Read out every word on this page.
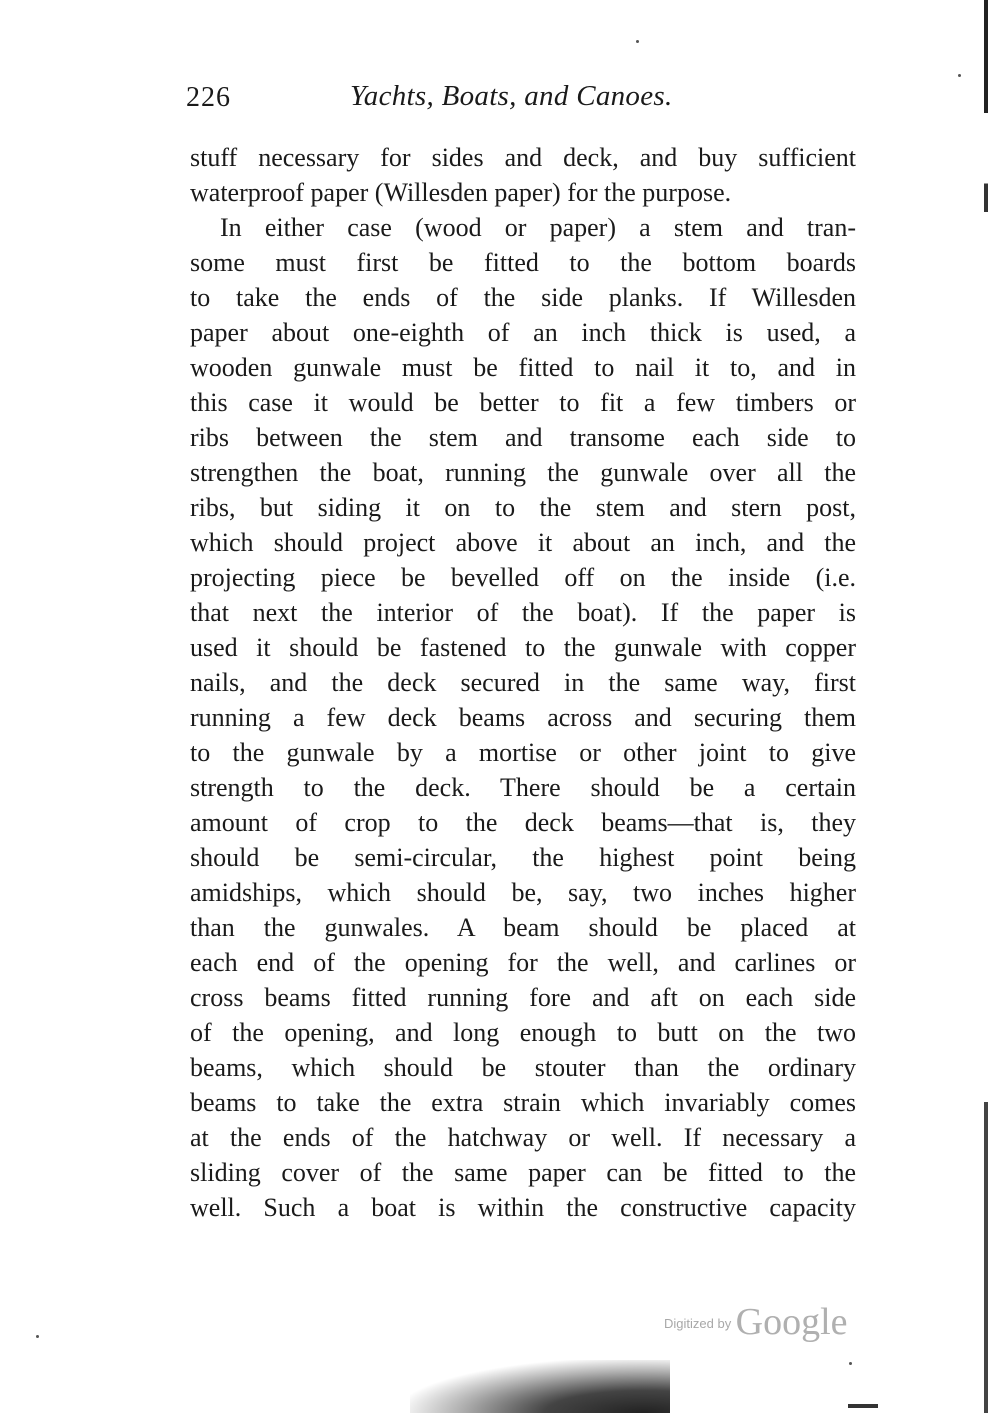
226	Yachts, Boats, and Canoes.
stuff necessary for sides and deck, and buy sufficient
waterproof paper (Willesden paper) for the purpose.
In either case (wood or paper) a stem and tran-
some must first be fitted to the bottom boards
to take the ends of the side planks. If Willesden
paper about one-eighth of an inch thick is used, a
wooden gunwale must be fitted to nail it to, and in
this case it would be better to fit a few timbers or
ribs between the stem and transome each side to
strengthen the boat, running the gunwale over all the
ribs, but siding it on to the stem and stern post,
which should project above it about an inch, and the
projecting piece be bevelled off on the inside (i.e.
that next the interior of the boat). If the paper is
used it should be fastened to the gunwale with copper
nails, and the deck secured in the same way, first
running a few deck beams across and securing them
to the gunwale by a mortise or other joint to give
strength to the deck. There should be a certain
amount of crop to the deck beams—that is, they
should be semi-circular, the highest point being
amidships, which should be, say, two inches higher
than the gunwales. A beam should be placed at
each end of the opening for the well, and carlines or
cross beams fitted running fore and aft on each side
of the opening, and long enough to butt on the two
beams, which should be stouter than the ordinary
beams to take the extra strain which invariably comes
at the ends of the hatchway or well. If necessary a
sliding cover of the same paper can be fitted to the
well. Such a boat is within the constructive capacity
$^{Digitized by}$ Google
